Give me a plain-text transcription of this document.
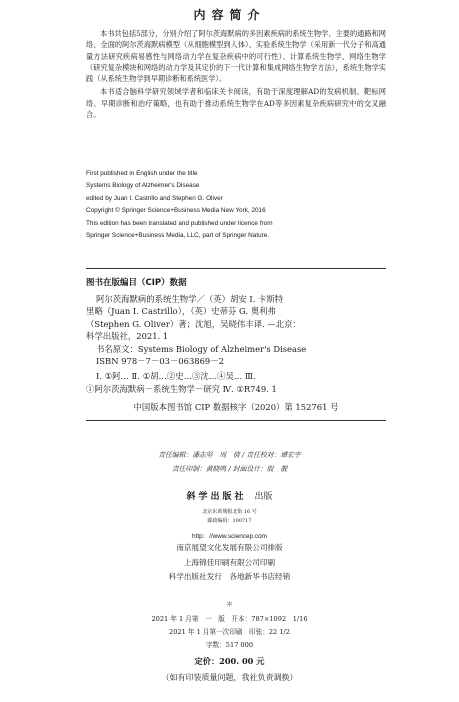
内容简介

本书共包括5部分，分别介绍了阿尔茨海默病的多因素疾病的系统生物学、主要的通路和网络、全面的阿尔茨海默病模型（从细胞模型到人体）、实验系统生物学（采用新一代分子和高通量方法研究疾病易感性与网络动力学在复杂疾病中的可行性）、计算系统生物学、网络生物学（研究复杂模块和网络的动力学及其定价的下一代计算和集成网络生物学方法），系统生物学实践（从系统生物学到早期诊断和系统医学）。

本书适合脑科学研究领域学者和临床关卡阅读，有助于深度理解AD的发病机制、靶标网络、早期诊断和治疗策略，也有助于推动系统生物学在AD等多因素复杂疾病研究中的交叉融合。

First published in English under the title
Systems Biology of Alzheimer's Disease
edited by Juan I. Castrillo and Stephen G. Oliver
Copyright © Springer Science+Business Media New York, 2016
This edition has been translated and published under licence from
Springer Science+Business Media, LLC, part of Springer Nature.
图书在版编目（CIP）数据
阿尔茨海默病的系统生物学／（英）胡安 I. 卡斯特
里略（Juan I. Castrillo），（英）史蒂芬 G. 奥利弗
（Stephen G. Oliver）著；沈旭，吴晓伟丰译. —北京：
科学出版社，2021. 1
书名原文：Systems Biology of Alzheimer's Disease
ISBN 978－7－03－063869－2
Ⅰ. ①阿… Ⅱ. ①胡…②史…③沈…④吴… Ⅲ.
①阿尔茨海默病－系统生物学－研究 Ⅳ. ①R749. 1
中国版本图书馆 CIP 数据核字（2020）第 152761 号
责任编辑：潘志坚　周　倩 / 责任校对：谭宏宇
责任印制：黄晓鸣 / 封面设计：殷　靓
斜学出版社 出版
北京东黄城根北街 16 号
邮政编码：100717
http：//www.sciencep.com
南京展望文化发展有限公司排版
上海锦佳印刷有限公司印刷
科学出版社发行　各地新华书店经销
＊
2021 年 1 月第　一　版　开本：787×1092　1/16
2021 年 1 月第一次印刷　印张：22 1/2
字数：517 000
定价：200. 00 元
（如有印装质量问题，我社负责调换）
